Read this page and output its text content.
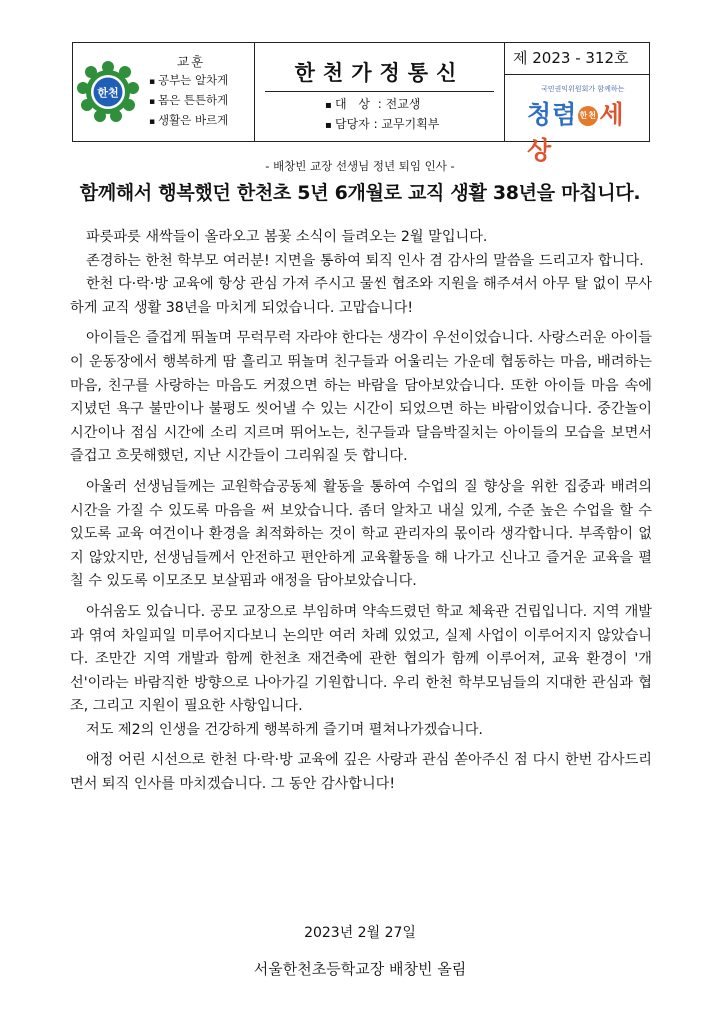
한천
교훈
▪ 공부는 알차게
▪ 몸은 튼튼하게
▪ 생활은 바르게
한천가정통신
▪ 대 상 : 전교생
▪ 담당자 : 교무기획부
제 2023 - 312호
국민권익위원회가 함께하는
청렴 한천세상
- 배창빈 교장 선생님 정년 퇴임 인사 -
함께해서 행복했던 한천초 5년 6개월로 교직 생활 38년을 마칩니다.

파릇파릇 새싹들이 올라오고 봄꽃 소식이 들려오는 2월 말입니다.

존경하는 한천 학부모 여러분! 지면을 통하여 퇴직 인사 겸 감사의 말씀을 드리고자 합니다.

한천 다·락·방 교육에 항상 관심 가져 주시고 물씬 협조와 지원을 해주셔서 아무 탈 없이 무사하게 교직 생활 38년을 마치게 되었습니다. 고맙습니다!

아이들은 즐겁게 뛰놀며 무럭무럭 자라야 한다는 생각이 우선이었습니다. 사랑스러운 아이들이 운동장에서 행복하게 땀 흘리고 뛰놀며 친구들과 어울리는 가운데 협동하는 마음, 배려하는 마음, 친구를 사랑하는 마음도 커졌으면 하는 바람을 담아보았습니다. 또한 아이들 마음 속에 지녔던 욕구 불만이나 불평도 씻어낼 수 있는 시간이 되었으면 하는 바람이었습니다. 중간놀이 시간이나 점심 시간에 소리 지르며 뛰어노는, 친구들과 달음박질치는 아이들의 모습을 보면서 즐겁고 흐뭇해했던, 지난 시간들이 그리워질 듯 합니다.

아울러 선생님들께는 교원학습공동체 활동을 통하여 수업의 질 향상을 위한 집중과 배려의 시간을 가질 수 있도록 마음을 써 보았습니다. 좀더 알차고 내실 있게, 수준 높은 수업을 할 수 있도록 교육 여건이나 환경을 최적화하는 것이 학교 관리자의 몫이라 생각합니다. 부족함이 없지 않았지만, 선생님들께서 안전하고 편안하게 교육활동을 해 나가고 신나고 즐거운 교육을 펼칠 수 있도록 이모조모 보살핌과 애정을 담아보았습니다.

아쉬움도 있습니다. 공모 교장으로 부임하며 약속드렸던 학교 체육관 건립입니다. 지역 개발과 엮여 차일피일 미루어지다보니 논의만 여러 차례 있었고, 실제 사업이 이루어지지 않았습니다. 조만간 지역 개발과 함께 한천초 재건축에 관한 협의가 함께 이루어져, 교육 환경이 '개선'이라는 바람직한 방향으로 나아가길 기원합니다. 우리 한천 학부모님들의 지대한 관심과 협조, 그리고 지원이 필요한 사항입니다.

저도 제2의 인생을 건강하게 행복하게 즐기며 펼쳐나가겠습니다.

애정 어린 시선으로 한천 다·락·방 교육에 깊은 사랑과 관심 쏟아주신 점 다시 한번 감사드리면서 퇴직 인사를 마치겠습니다. 그 동안 감사합니다!

2023년 2월 27일
서울한천초등학교장 배창빈 올림
